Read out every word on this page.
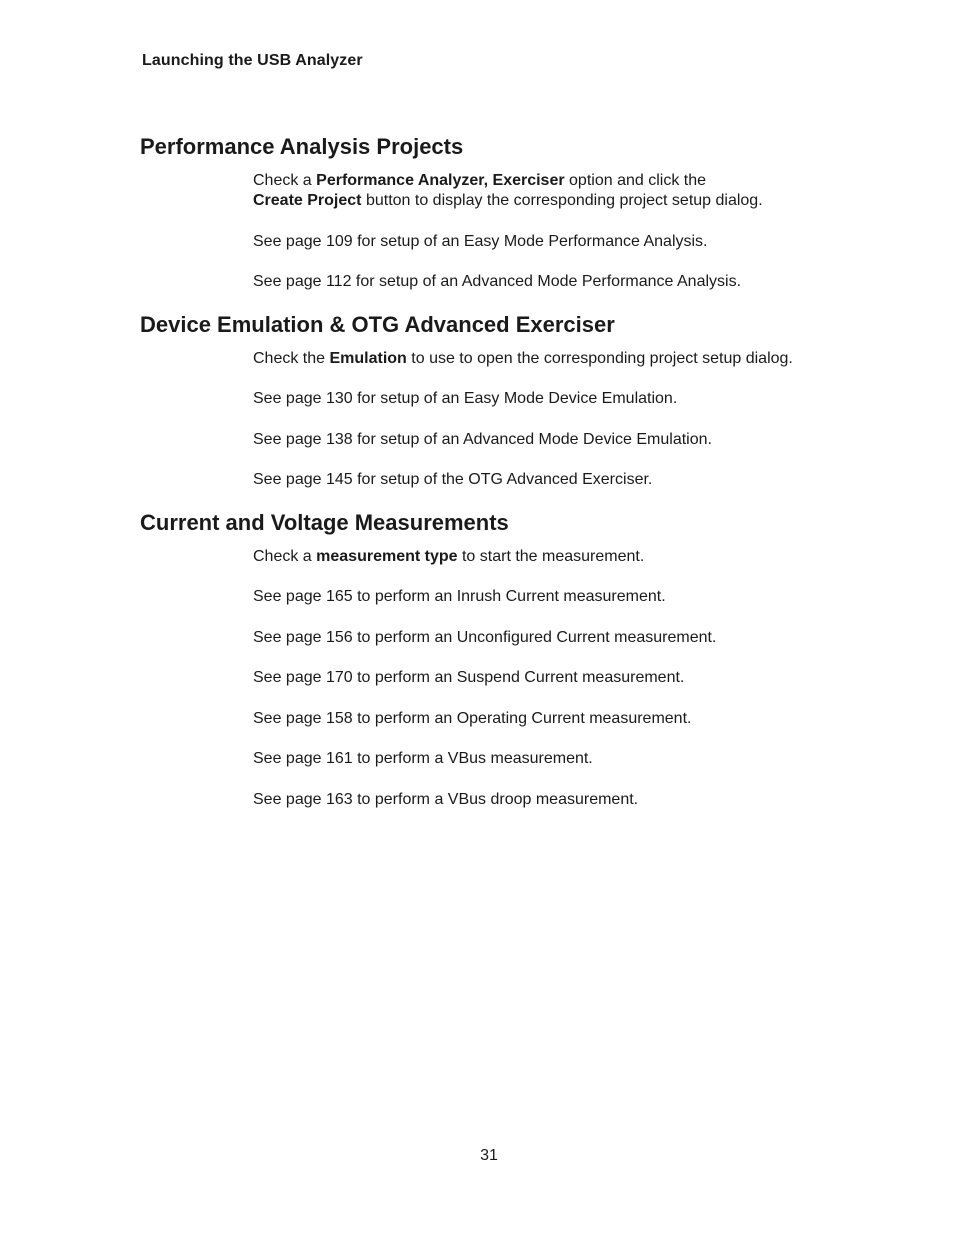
Launching the USB Analyzer
Performance Analysis Projects

Check a Performance Analyzer, Exerciser option and click the
Create Project button to display the corresponding project setup dialog.

See page 109 for setup of an Easy Mode Performance Analysis.

See page 112 for setup of an Advanced Mode Performance Analysis.

Device Emulation & OTG Advanced Exerciser

Check the Emulation to use to open the corresponding project setup dialog.

See page 130 for setup of an Easy Mode Device Emulation.

See page 138 for setup of an Advanced Mode Device Emulation.

See page 145 for setup of the OTG Advanced Exerciser.

Current and Voltage Measurements

Check a measurement type to start the measurement.

See page 165 to perform an Inrush Current measurement.

See page 156 to perform an Unconfigured Current measurement.

See page 170 to perform an Suspend Current measurement.

See page 158 to perform an Operating Current measurement.

See page 161 to perform a VBus measurement.

See page 163 to perform a VBus droop measurement.

31
